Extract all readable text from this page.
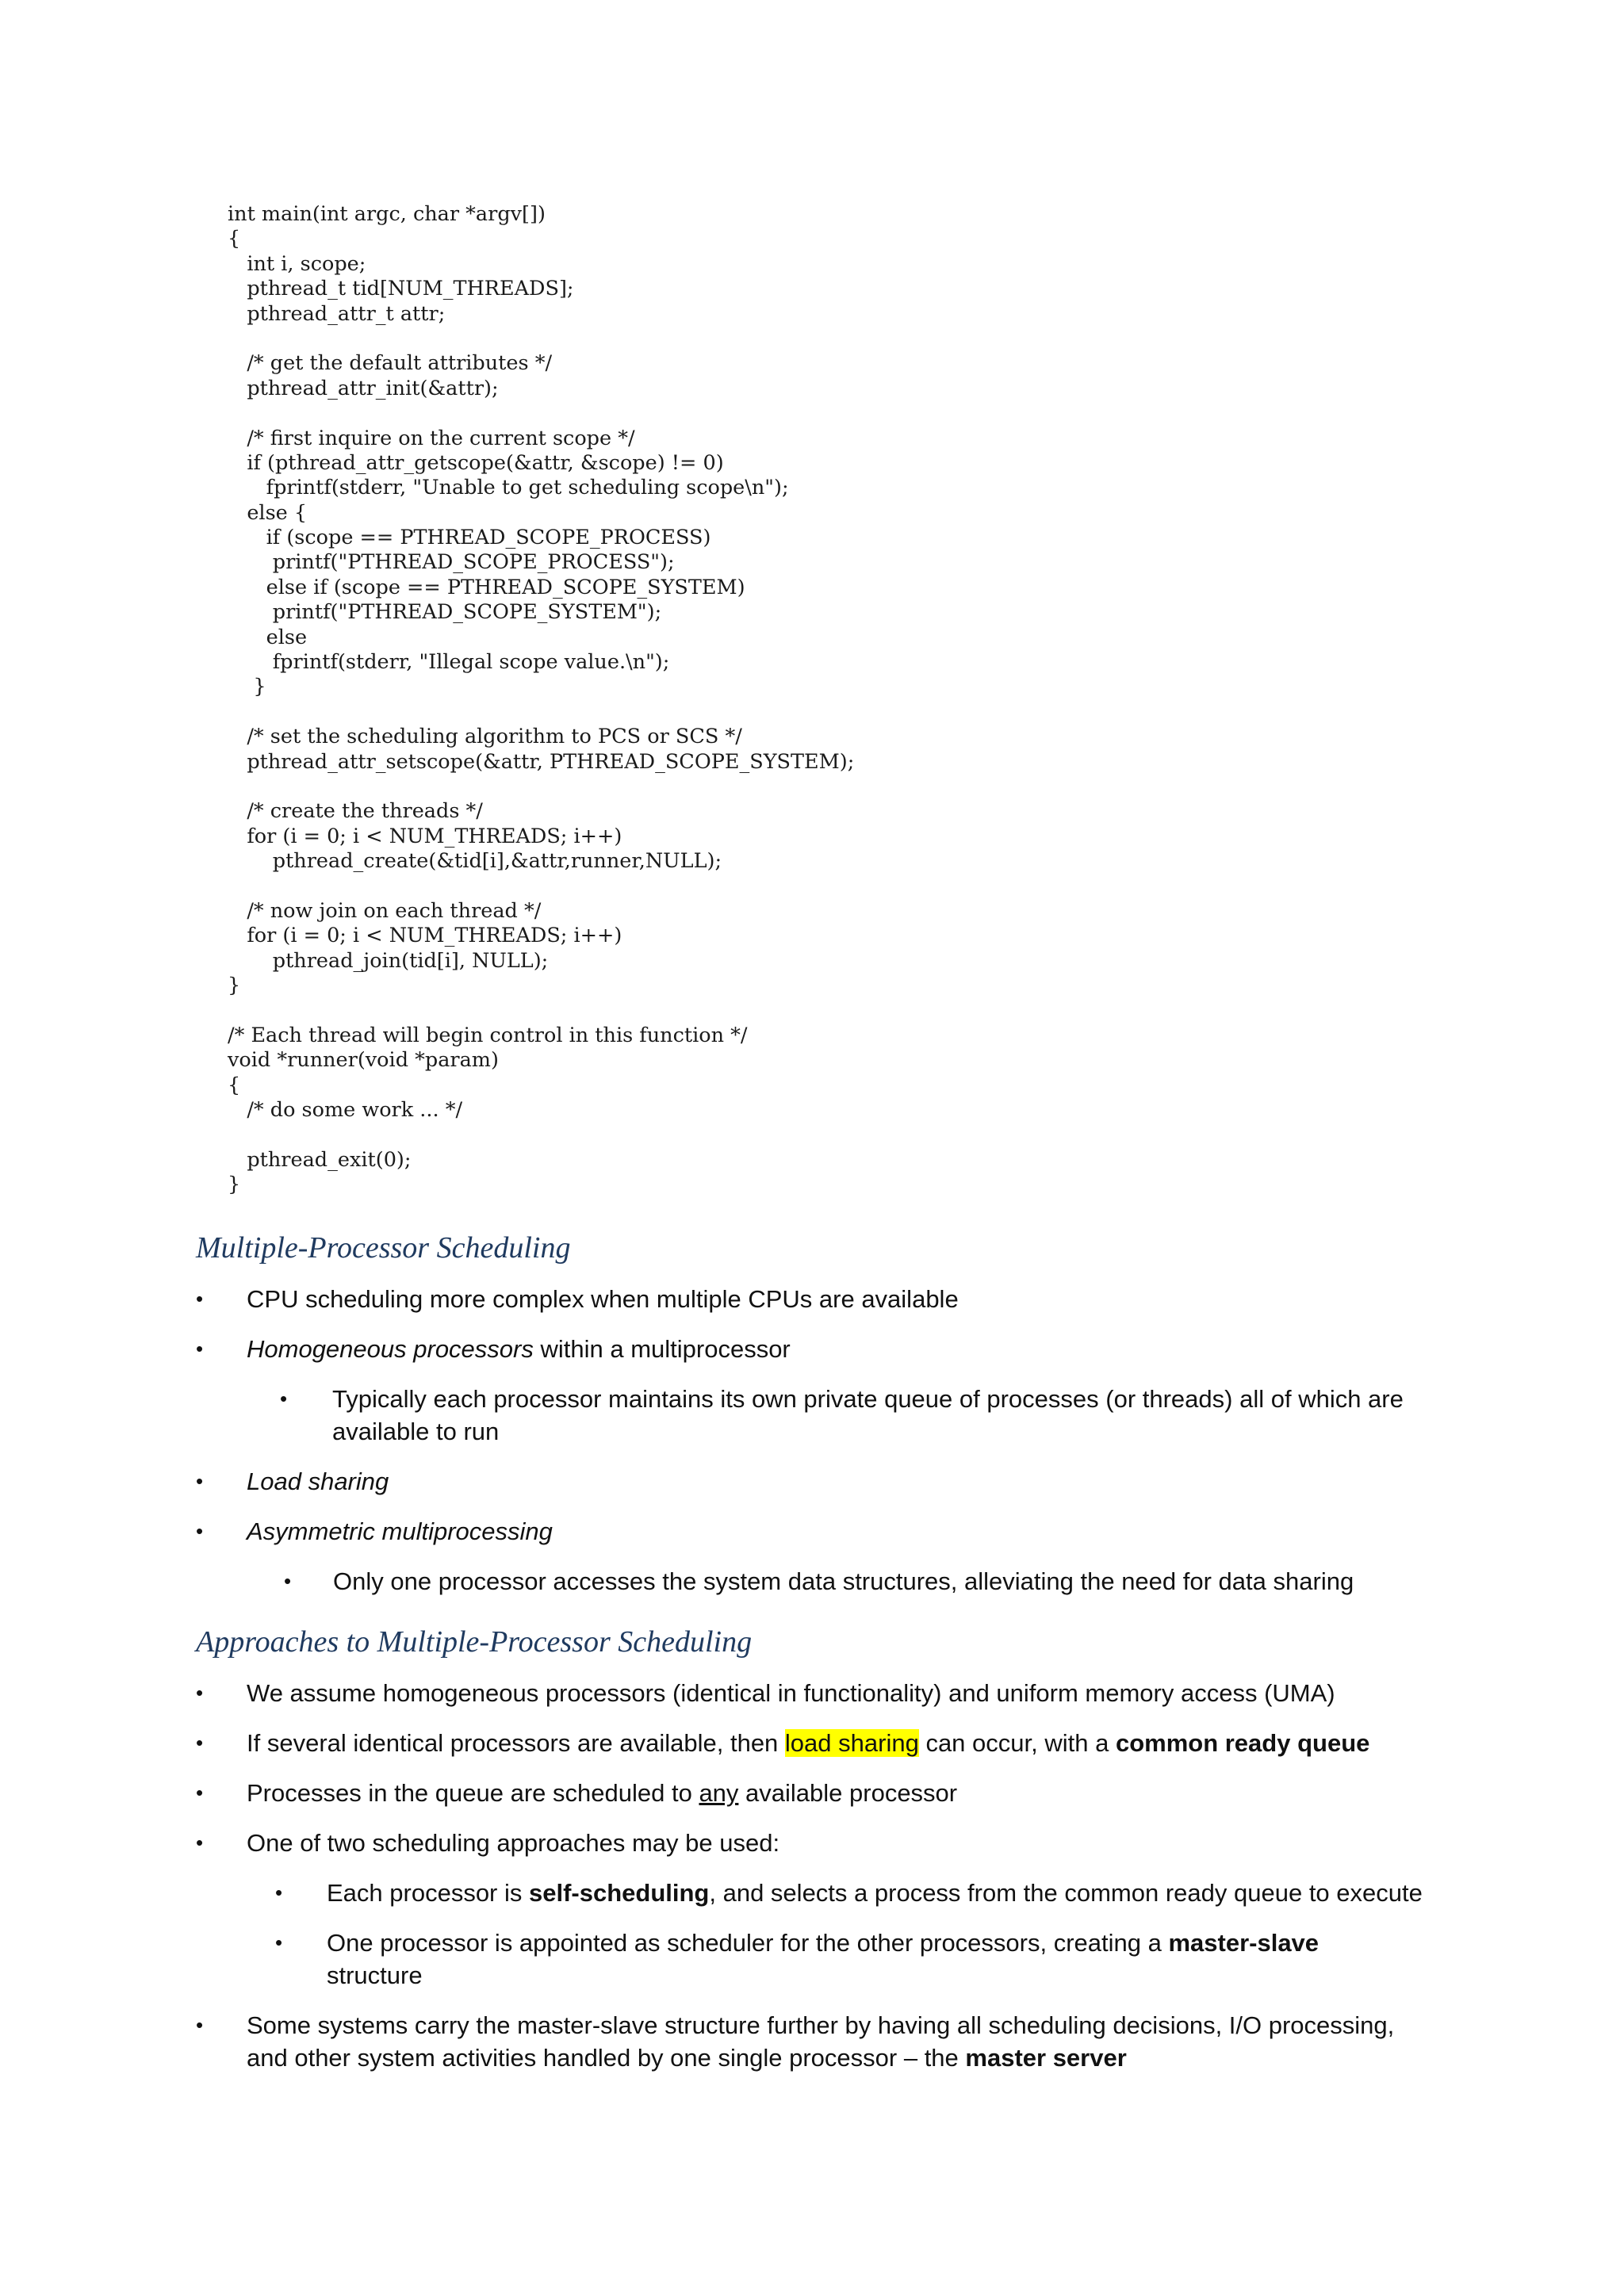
int main(int argc, char *argv[])
{
int i, scope;
pthread_t tid[NUM_THREADS];
pthread_attr_t attr;
/* get the default attributes */
pthread_attr_init(&attr);
/* first inquire on the current scope */
if (pthread_attr_getscope(&attr, &scope) != 0)
fprintf(stderr, "Unable to get scheduling scope\n");
else {
if (scope == PTHREAD_SCOPE_PROCESS)
printf("PTHREAD_SCOPE_PROCESS");
else if (scope == PTHREAD_SCOPE_SYSTEM)
printf("PTHREAD_SCOPE_SYSTEM");
else
fprintf(stderr, "Illegal scope value.\n");
}
/* set the scheduling algorithm to PCS or SCS */
pthread_attr_setscope(&attr, PTHREAD_SCOPE_SYSTEM);
/* create the threads */
for (i = 0; i < NUM_THREADS; i++)
pthread_create(&tid[i],&attr,runner,NULL);
/* now join on each thread */
for (i = 0; i < NUM_THREADS; i++)
pthread_join(tid[i], NULL);
}
/* Each thread will begin control in this function */
void *runner(void *param)
{
/* do some work ... */
pthread_exit(0);
}
Multiple-Processor Scheduling
• CPU scheduling more complex when multiple CPUs are available
• Homogeneous processors within a multiprocessor
• Typically each processor maintains its own private queue of processes (or threads) all of which are available to run
• Load sharing
• Asymmetric multiprocessing
• Only one processor accesses the system data structures, alleviating the need for data sharing
Approaches to Multiple-Processor Scheduling
• We assume homogeneous processors (identical in functionality) and uniform memory access (UMA)
• If several identical processors are available, then load sharing can occur, with a common ready queue
• Processes in the queue are scheduled to any available processor
• One of two scheduling approaches may be used:
• Each processor is self-scheduling, and selects a process from the common ready queue to execute
• One processor is appointed as scheduler for the other processors, creating a master-slave structure
• Some systems carry the master-slave structure further by having all scheduling decisions, I/O processing, and other system activities handled by one single processor – the master server
